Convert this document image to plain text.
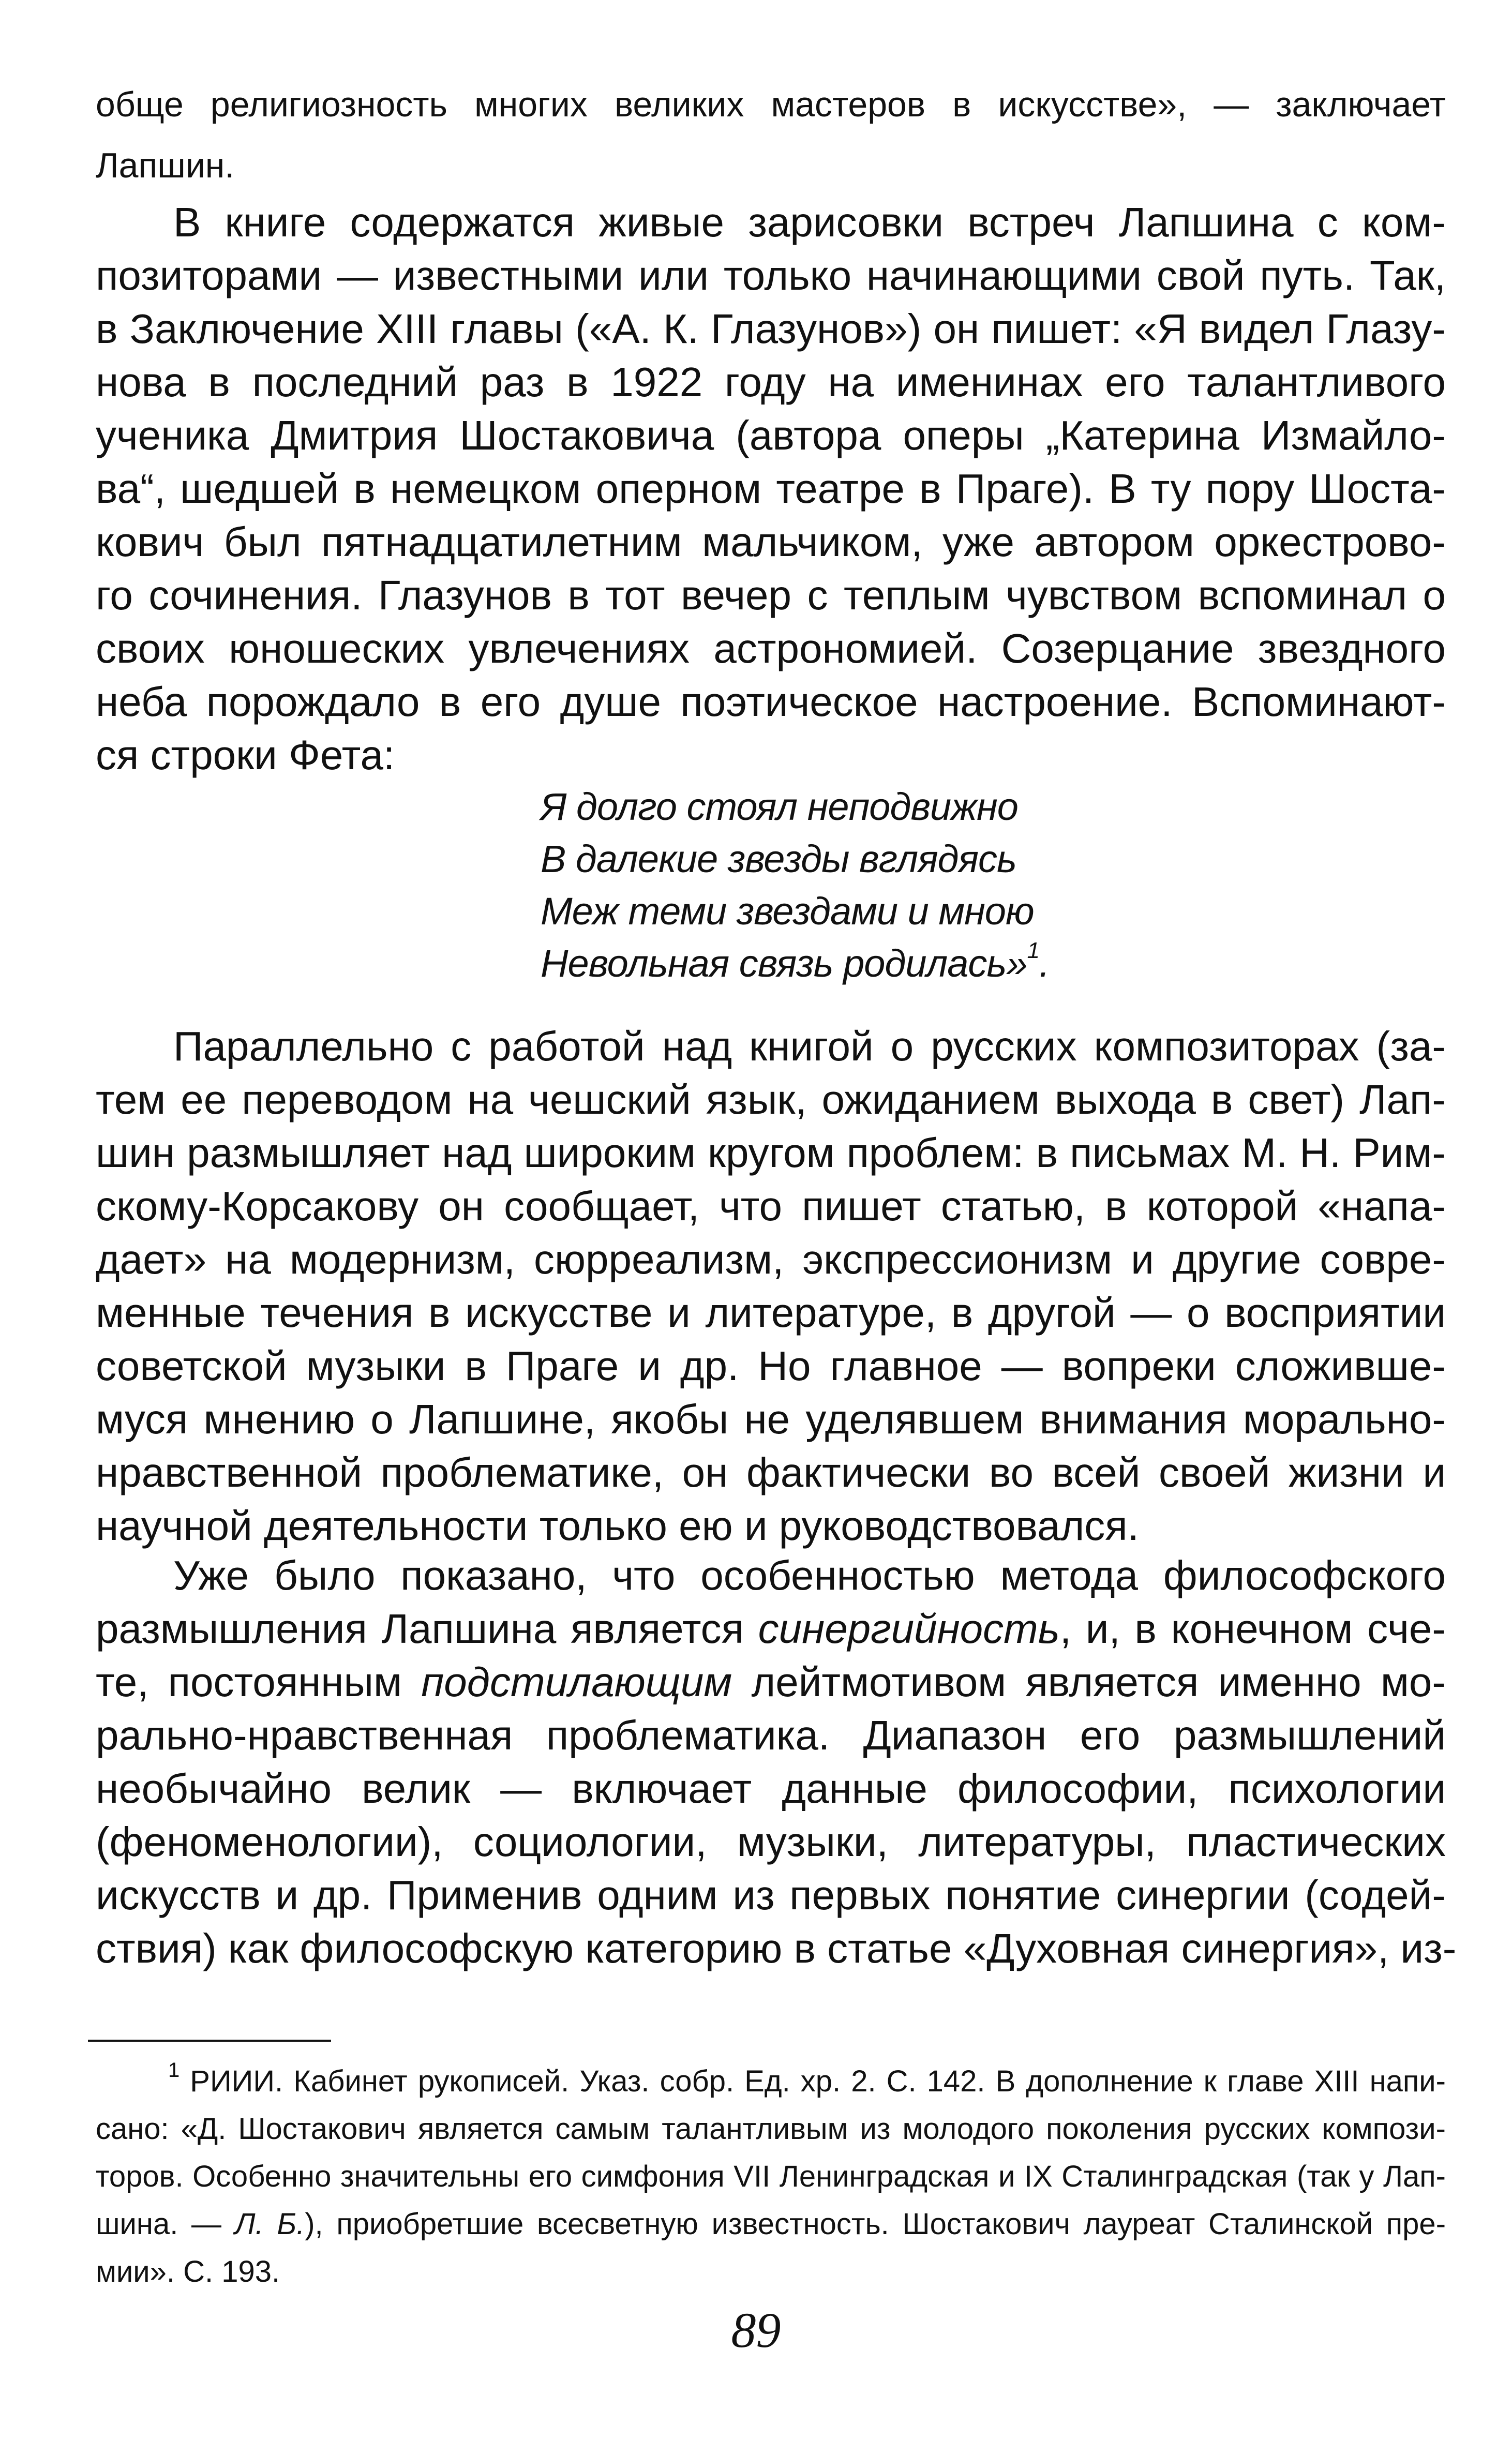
обще религиозность многих великих мастеров в искусстве», — заключает
Лапшин.
В книге содержатся живые зарисовки встреч Лапшина с ком-
позиторами — известными или только начинающими свой путь. Так,
в Заключение XIII главы («А. К. Глазунов») он пишет: «Я видел Глазу-
нова в последний раз в 1922 году на именинах его талантливого
ученика Дмитрия Шостаковича (автора оперы „Катерина Измайло-
ва“, шедшей в немецком оперном театре в Праге). В ту пору Шоста-
кович был пятнадцатилетним мальчиком, уже автором оркестрово-
го сочинения. Глазунов в тот вечер с теплым чувством вспоминал о
своих юношеских увлечениях астрономией. Созерцание звездного
неба порождало в его душе поэтическое настроение. Вспоминают-
ся строки Фета:
Я долго стоял неподвижно
В далекие звезды вглядясь
Меж теми звездами и мною
Невольная связь родилась»$^1$.
Параллельно с работой над книгой о русских композиторах (за-
тем ее переводом на чешский язык, ожиданием выхода в свет) Лап-
шин размышляет над широким кругом проблем: в письмах М. Н. Рим-
скому-Корсакову он сообщает, что пишет статью, в которой «напа-
дает» на модернизм, сюрреализм, экспрессионизм и другие совре-
менные течения в искусстве и литературе, в другой — о восприятии
советской музыки в Праге и др. Но главное — вопреки сложивше-
муся мнению о Лапшине, якобы не уделявшем внимания морально-
нравственной проблематике, он фактически во всей своей жизни и
научной деятельности только ею и руководствовался.
Уже было показано, что особенностью метода философского
размышления Лапшина является синергийность, и, в конечном сче-
те, постоянным подстилающим лейтмотивом является именно мо-
рально-нравственная проблематика. Диапазон его размышлений
необычайно велик — включает данные философии, психологии
(феноменологии), социологии, музыки, литературы, пластических
искусств и др. Применив одним из первых понятие синергии (содей-
ствия) как философскую категорию в статье «Духовная синергия», из-
$^1$ РИИИ. Кабинет рукописей. Указ. собр. Ед. хр. 2. С. 142. В дополнение к главе XIII напи-
сано: «Д. Шостакович является самым талантливым из молодого поколения русских компози-
торов. Особенно значительны его симфония VII Ленинградская и IX Сталинградская (так у Лап-
шина. — Л. Б.), приобретшие всесветную известность. Шостакович лауреат Сталинской пре-
мии». С. 193.
89
